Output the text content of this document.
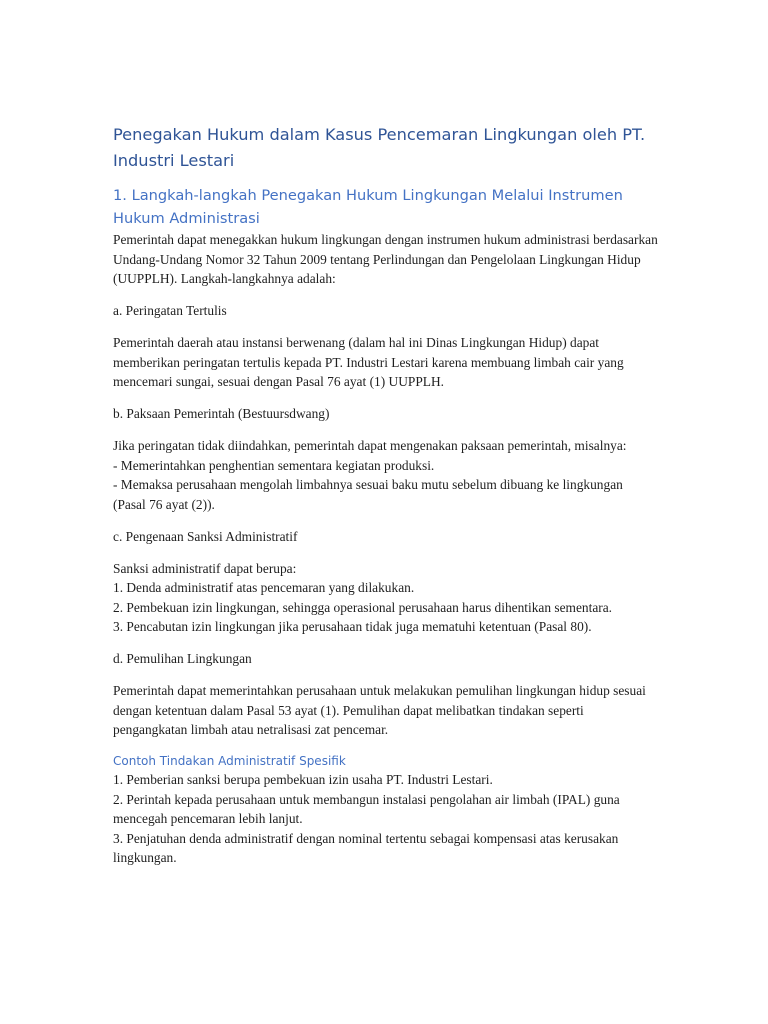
Penegakan Hukum dalam Kasus Pencemaran Lingkungan oleh PT. Industri Lestari
1. Langkah-langkah Penegakan Hukum Lingkungan Melalui Instrumen Hukum Administrasi

Pemerintah dapat menegakkan hukum lingkungan dengan instrumen hukum administrasi berdasarkan Undang-Undang Nomor 32 Tahun 2009 tentang Perlindungan dan Pengelolaan Lingkungan Hidup (UUPPLH). Langkah-langkahnya adalah:

a. Peringatan Tertulis

Pemerintah daerah atau instansi berwenang (dalam hal ini Dinas Lingkungan Hidup) dapat memberikan peringatan tertulis kepada PT. Industri Lestari karena membuang limbah cair yang mencemari sungai, sesuai dengan Pasal 76 ayat (1) UUPPLH.

b. Paksaan Pemerintah (Bestuursdwang)

Jika peringatan tidak diindahkan, pemerintah dapat mengenakan paksaan pemerintah, misalnya:
- Memerintahkan penghentian sementara kegiatan produksi.
- Memaksa perusahaan mengolah limbahnya sesuai baku mutu sebelum dibuang ke lingkungan (Pasal 76 ayat (2)).

c. Pengenaan Sanksi Administratif

Sanksi administratif dapat berupa:
1. Denda administratif atas pencemaran yang dilakukan.
2. Pembekuan izin lingkungan, sehingga operasional perusahaan harus dihentikan sementara.
3. Pencabutan izin lingkungan jika perusahaan tidak juga mematuhi ketentuan (Pasal 80).

d. Pemulihan Lingkungan

Pemerintah dapat memerintahkan perusahaan untuk melakukan pemulihan lingkungan hidup sesuai dengan ketentuan dalam Pasal 53 ayat (1). Pemulihan dapat melibatkan tindakan seperti pengangkatan limbah atau netralisasi zat pencemar.

Contoh Tindakan Administratif Spesifik
1. Pemberian sanksi berupa pembekuan izin usaha PT. Industri Lestari.
2. Perintah kepada perusahaan untuk membangun instalasi pengolahan air limbah (IPAL) guna mencegah pencemaran lebih lanjut.
3. Penjatuhan denda administratif dengan nominal tertentu sebagai kompensasi atas kerusakan lingkungan.
